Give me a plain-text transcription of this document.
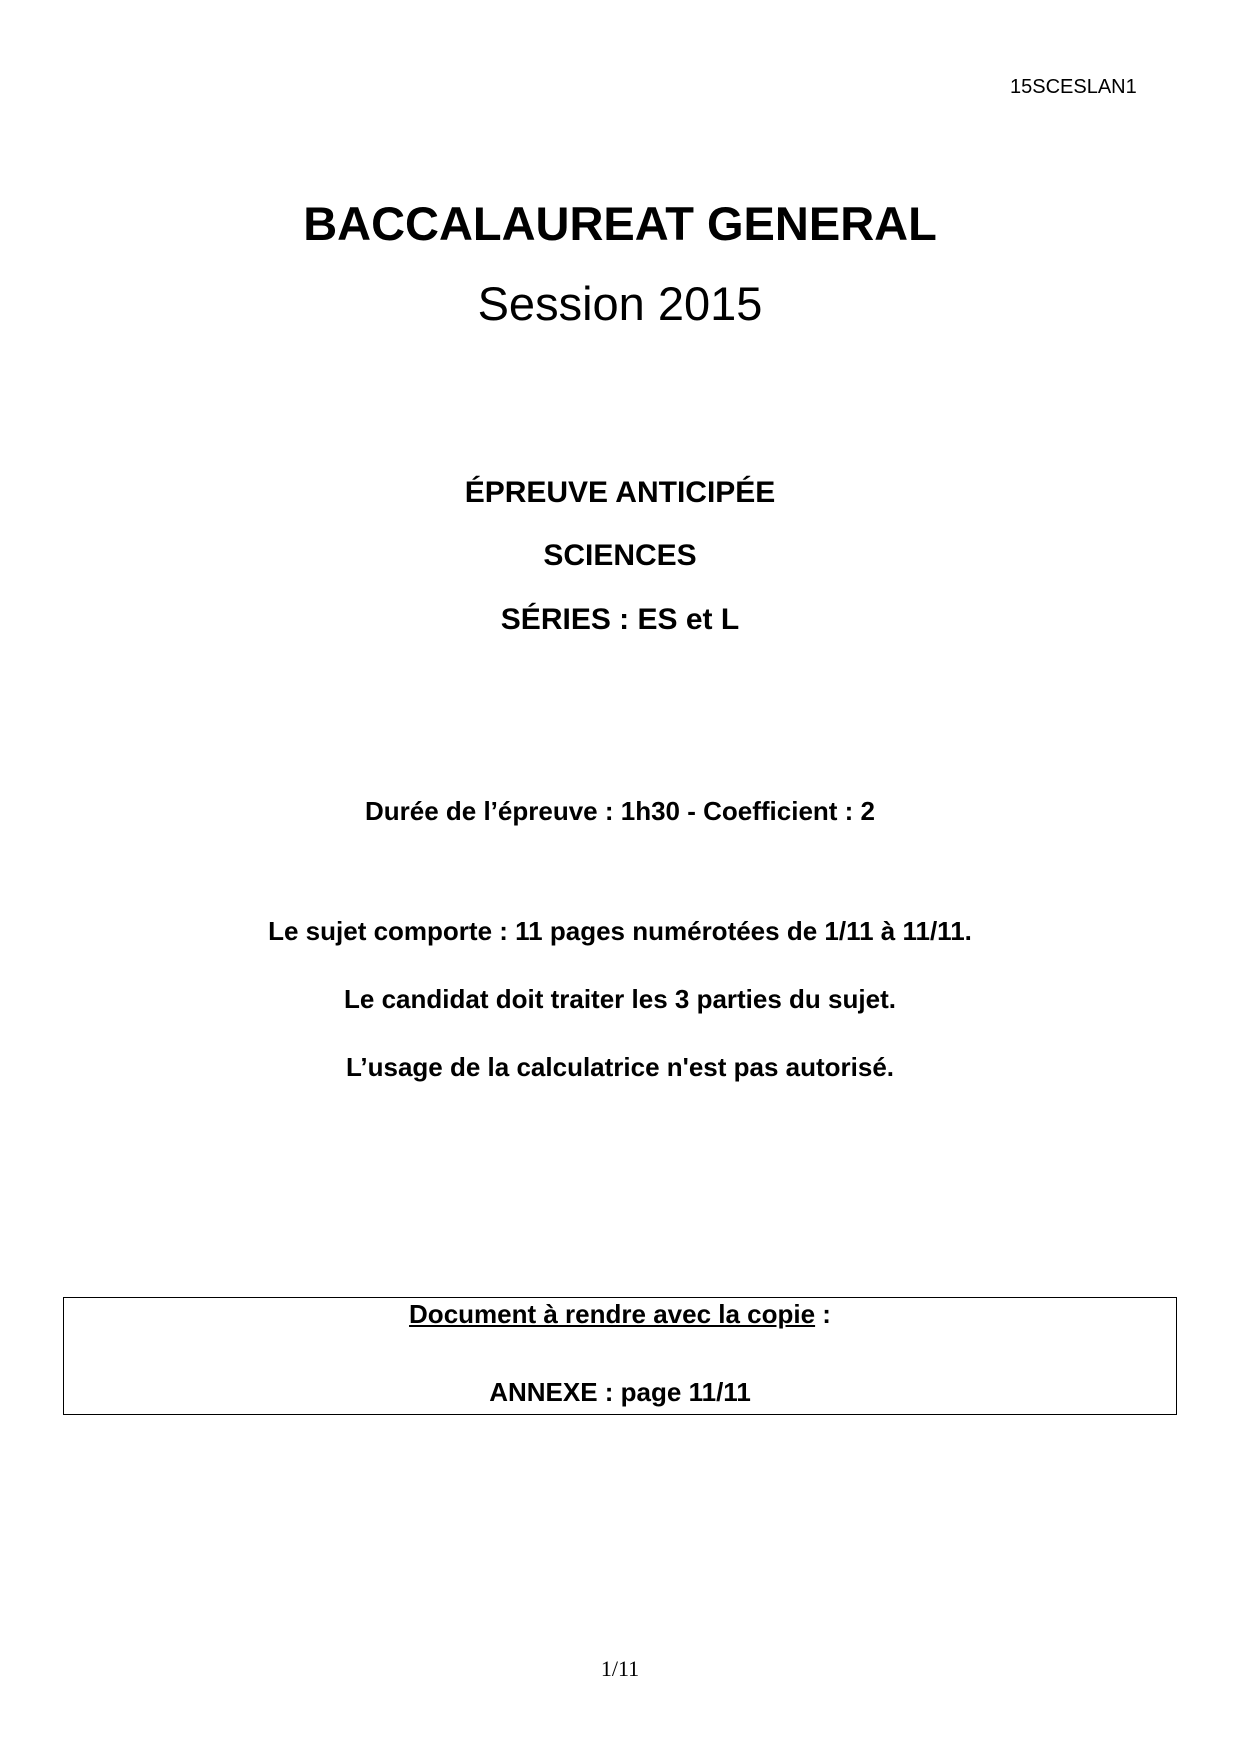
15SCESLAN1
BACCALAUREAT GENERAL
Session 2015
ÉPREUVE ANTICIPÉE
SCIENCES
SÉRIES : ES et L
Durée de l’épreuve : 1h30 - Coefficient : 2
Le sujet comporte : 11 pages numérotées de 1/11 à 11/11.
Le candidat doit traiter les 3 parties du sujet.
L’usage de la calculatrice n'est pas autorisé.
Document à rendre avec la copie :
ANNEXE : page 11/11
1/11
